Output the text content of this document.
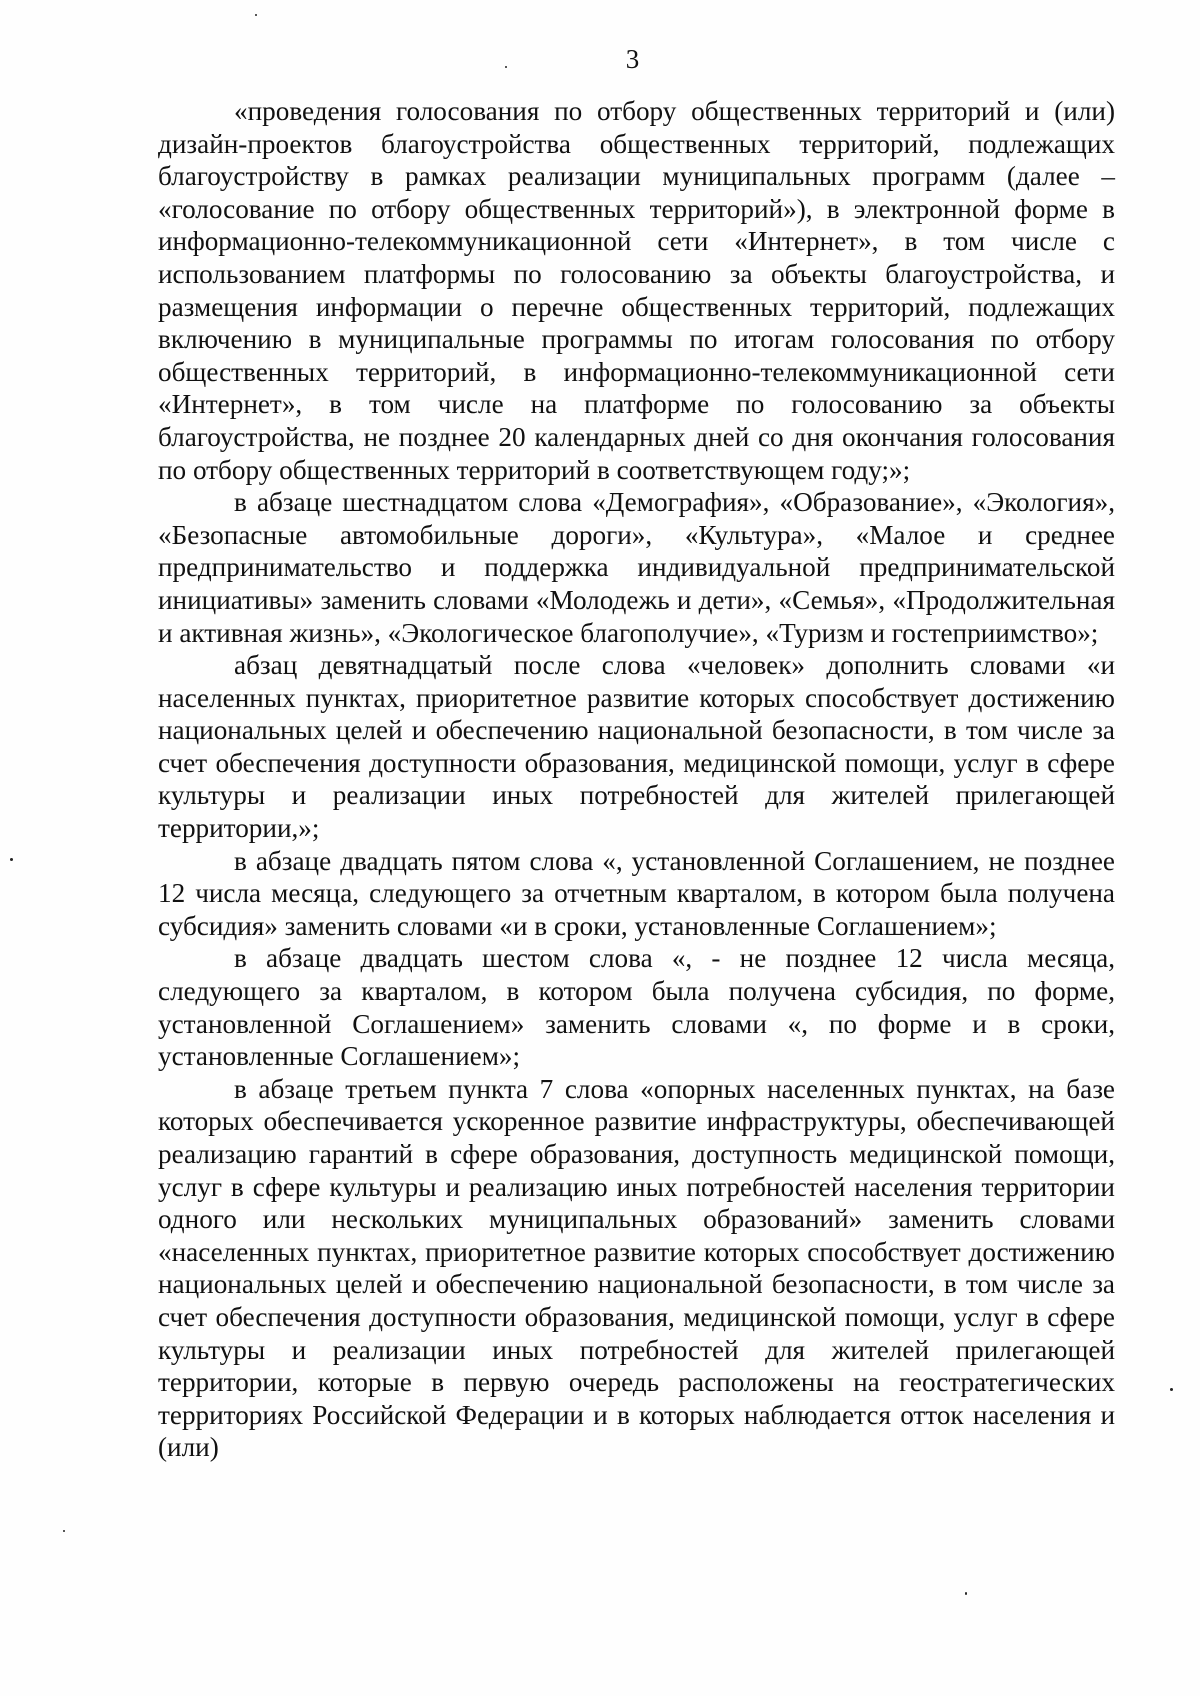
3

«проведения голосования по отбору общественных территорий и (или) дизайн-проектов благоустройства общественных территорий, подлежащих благоустройству в рамках реализации муниципальных программ (далее – «голосование по отбору общественных территорий»), в электронной форме в информационно-телекоммуникационной сети «Интернет», в том числе с использованием платформы по голосованию за объекты благоустройства, и размещения информации о перечне общественных территорий, подлежащих включению в муниципальные программы по итогам голосования по отбору общественных территорий, в информационно-телекоммуникационной сети «Интернет», в том числе на платформе по голосованию за объекты благоустройства, не позднее 20 календарных дней со дня окончания голосования по отбору общественных территорий в соответствующем году;»;

в абзаце шестнадцатом слова «Демография», «Образование», «Экология», «Безопасные автомобильные дороги», «Культура», «Малое и среднее предпринимательство и поддержка индивидуальной предпринимательской инициативы» заменить словами «Молодежь и дети», «Семья», «Продолжительная и активная жизнь», «Экологическое благополучие», «Туризм и гостеприимство»;

абзац девятнадцатый после слова «человек» дополнить словами «и населенных пунктах, приоритетное развитие которых способствует достижению национальных целей и обеспечению национальной безопасности, в том числе за счет обеспечения доступности образования, медицинской помощи, услуг в сфере культуры и реализации иных потребностей для жителей прилегающей территории,»;

в абзаце двадцать пятом слова «, установленной Соглашением, не позднее 12 числа месяца, следующего за отчетным кварталом, в котором была получена субсидия» заменить словами «и в сроки, установленные Соглашением»;

в абзаце двадцать шестом слова «, - не позднее 12 числа месяца, следующего за кварталом, в котором была получена субсидия, по форме, установленной Соглашением» заменить словами «, по форме и в сроки, установленные Соглашением»;

в абзаце третьем пункта 7 слова «опорных населенных пунктах, на базе которых обеспечивается ускоренное развитие инфраструктуры, обеспечивающей реализацию гарантий в сфере образования, доступность медицинской помощи, услуг в сфере культуры и реализацию иных потребностей населения территории одного или нескольких муниципальных образований» заменить словами «населенных пунктах, приоритетное развитие которых способствует достижению национальных целей и обеспечению национальной безопасности, в том числе за счет обеспечения доступности образования, медицинской помощи, услуг в сфере культуры и реализации иных потребностей для жителей прилегающей территории, которые в первую очередь расположены на геостратегических территориях Российской Федерации и в которых наблюдается отток населения и (или)
